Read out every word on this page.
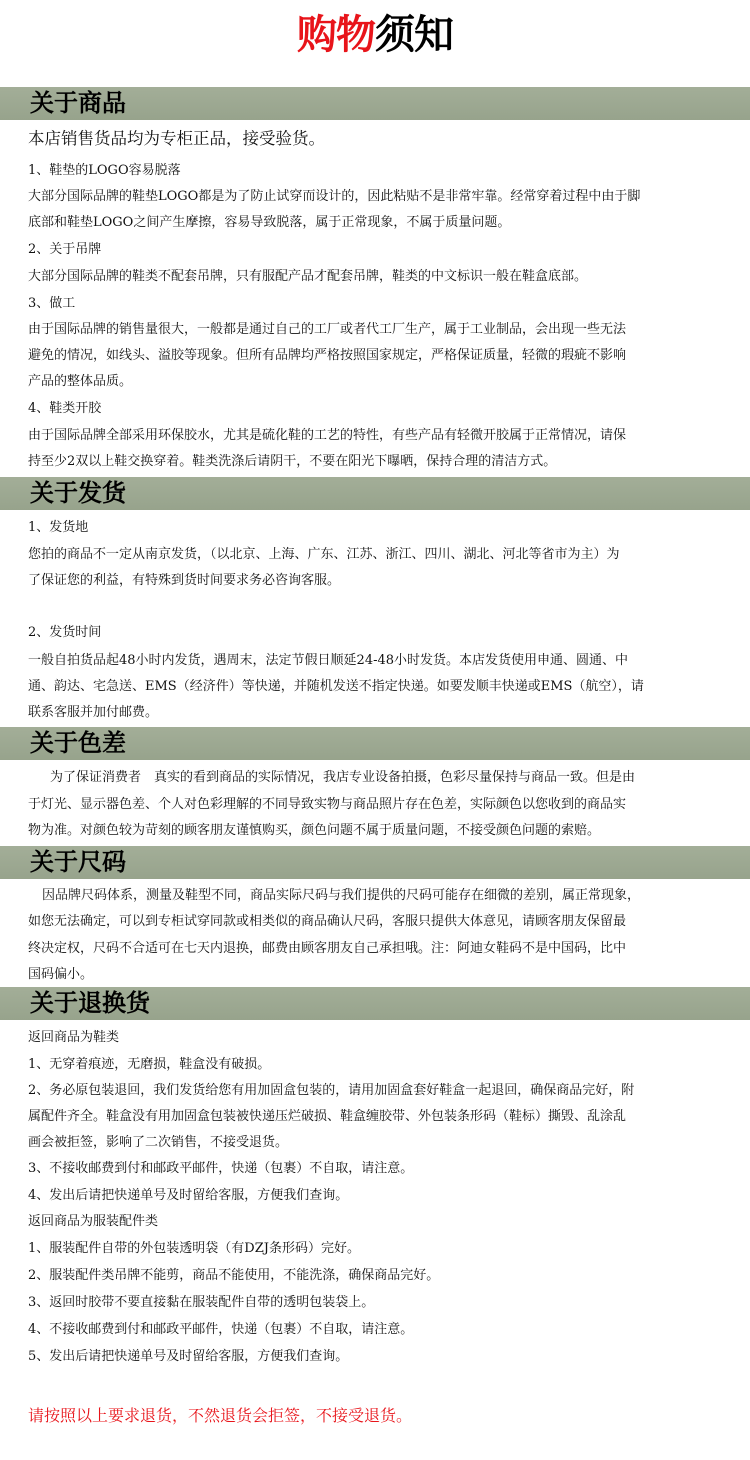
购物须知
关于商品
本店销售货品均为专柜正品，接受验货。
1、鞋垫的LOGO容易脱落
大部分国际品牌的鞋垫LOGO都是为了防止试穿而设计的，因此粘贴不是非常牢靠。经常穿着过程中由于脚
底部和鞋垫LOGO之间产生摩擦，容易导致脱落，属于正常现象，不属于质量问题。
2、关于吊牌
大部分国际品牌的鞋类不配套吊牌，只有服配产品才配套吊牌，鞋类的中文标识一般在鞋盒底部。
3、做工
由于国际品牌的销售量很大，一般都是通过自己的工厂或者代工厂生产，属于工业制品，会出现一些无法
避免的情况，如线头、溢胶等现象。但所有品牌均严格按照国家规定，严格保证质量，轻微的瑕疵不影响
产品的整体品质。
4、鞋类开胶
由于国际品牌全部采用环保胶水，尤其是硫化鞋的工艺的特性，有些产品有轻微开胶属于正常情况，请保
持至少2双以上鞋交换穿着。鞋类洗涤后请阴干，不要在阳光下曝晒，保持合理的清洁方式。
关于发货
1、发货地
您拍的商品不一定从南京发货，（以北京、上海、广东、江苏、浙江、四川、湖北、河北等省市为主）为
了保证您的利益，有特殊到货时间要求务必咨询客服。
2、发货时间
一般自拍货品起48小时内发货，遇周末，法定节假日顺延24-48小时发货。本店发货使用申通、圆通、中
通、韵达、宅急送、EMS（经济件）等快递，并随机发送不指定快递。如要发顺丰快递或EMS（航空），请
联系客服并加付邮费。
关于色差
为了保证消费者　真实的看到商品的实际情况，我店专业设备拍摄，色彩尽量保持与商品一致。但是由
于灯光、显示器色差、个人对色彩理解的不同导致实物与商品照片存在色差，实际颜色以您收到的商品实
物为准。对颜色较为苛刻的顾客朋友谨慎购买，颜色问题不属于质量问题，不接受颜色问题的索赔。
关于尺码
因品牌尺码体系，测量及鞋型不同，商品实际尺码与我们提供的尺码可能存在细微的差别，属正常现象，
如您无法确定，可以到专柜试穿同款或相类似的商品确认尺码，客服只提供大体意见，请顾客朋友保留最
终决定权，尺码不合适可在七天内退换，邮费由顾客朋友自己承担哦。注：阿迪女鞋码不是中国码，比中
国码偏小。
关于退换货
返回商品为鞋类
1、无穿着痕迹，无磨损，鞋盒没有破损。
2、务必原包装退回，我们发货给您有用加固盒包装的，请用加固盒套好鞋盒一起退回，确保商品完好，附
属配件齐全。鞋盒没有用加固盒包装被快递压烂破损、鞋盒缠胶带、外包装条形码（鞋标）撕毁、乱涂乱
画会被拒签，影响了二次销售，不接受退货。
3、不接收邮费到付和邮政平邮件，快递（包裹）不自取，请注意。
4、发出后请把快递单号及时留给客服，方便我们查询。
返回商品为服装配件类
1、服装配件自带的外包装透明袋（有DZJ条形码）完好。
2、服装配件类吊牌不能剪，商品不能使用，不能洗涤，确保商品完好。
3、返回时胶带不要直接黏在服装配件自带的透明包装袋上。
4、不接收邮费到付和邮政平邮件，快递（包裹）不自取，请注意。
5、发出后请把快递单号及时留给客服，方便我们查询。
请按照以上要求退货，不然退货会拒签，不接受退货。
